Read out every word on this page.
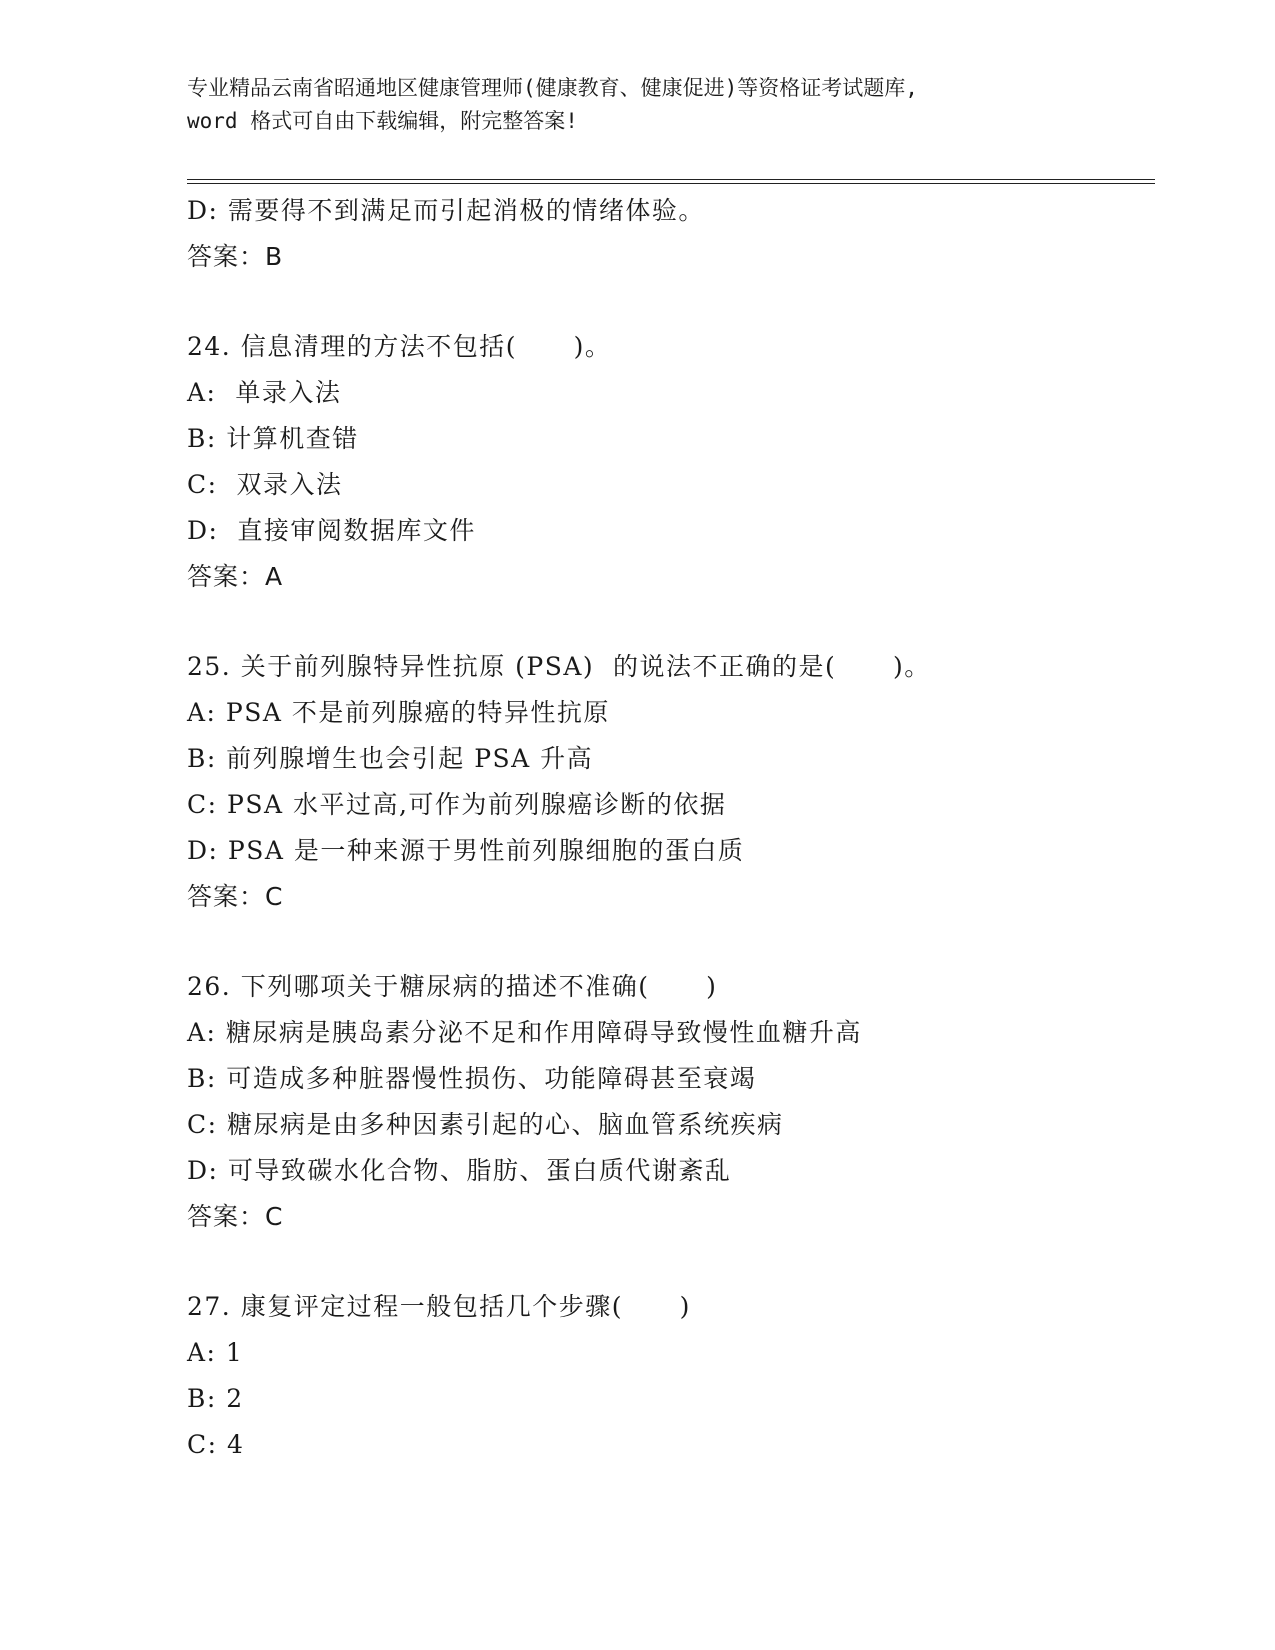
专业精品云南省昭通地区健康管理师(健康教育、健康促进)等资格证考试题库,
word 格式可自由下载编辑，附完整答案!
D: 需要得不到满足而引起消极的情绪体验。
答案：B
24. 信息清理的方法不包括(      )。
A:  单录入法
B: 计算机查错
C:  双录入法
D:  直接审阅数据库文件
答案：A
25. 关于前列腺特异性抗原 (PSA)  的说法不正确的是(      )。
A: PSA 不是前列腺癌的特异性抗原
B: 前列腺增生也会引起 PSA 升高
C: PSA 水平过高,可作为前列腺癌诊断的依据
D: PSA 是一种来源于男性前列腺细胞的蛋白质
答案：C
26. 下列哪项关于糖尿病的描述不准确(      )
A: 糖尿病是胰岛素分泌不足和作用障碍导致慢性血糖升高
B: 可造成多种脏器慢性损伤、功能障碍甚至衰竭
C: 糖尿病是由多种因素引起的心、脑血管系统疾病
D: 可导致碳水化合物、脂肪、蛋白质代谢紊乱
答案：C
27. 康复评定过程一般包括几个步骤(      )
A: 1
B: 2
C: 4
